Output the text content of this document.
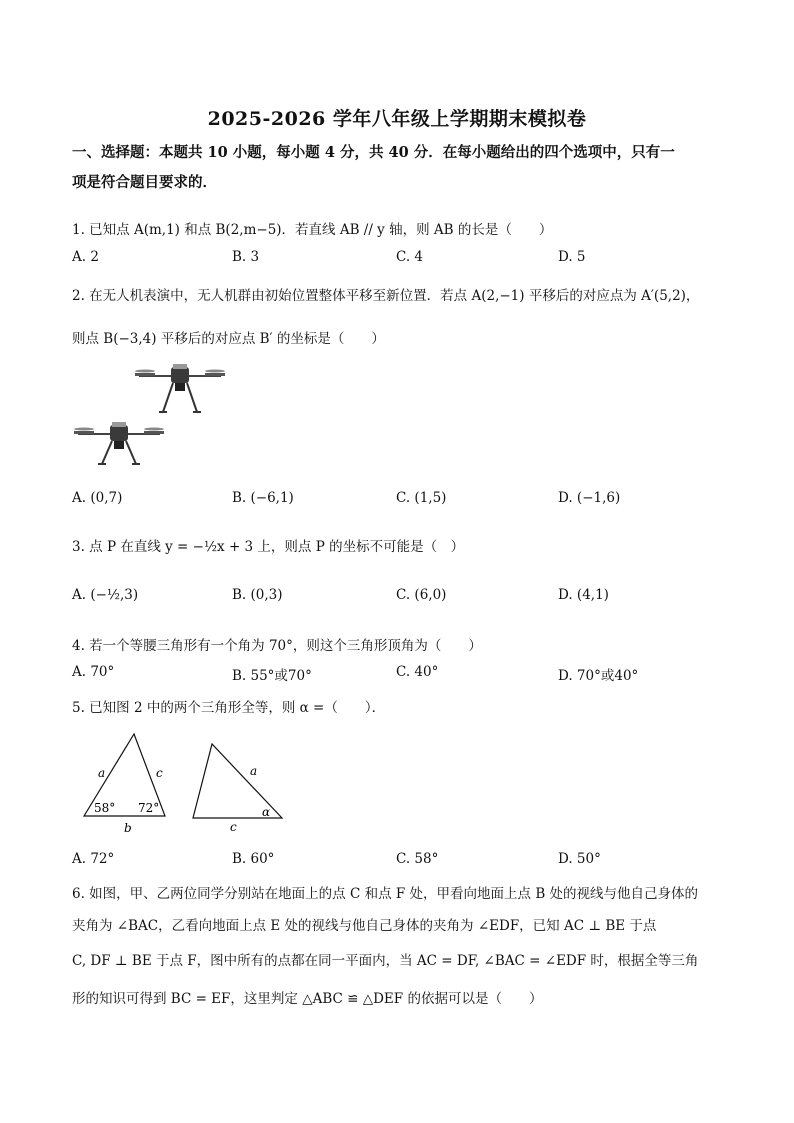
2025-2026 学年八年级上学期期末模拟卷
一、选择题：本题共 10 小题，每小题 4 分，共 40 分．在每小题给出的四个选项中，只有一
项是符合题目要求的．
1. 已知点 A(m,1) 和点 B(2,m−5)．若直线 AB // y 轴，则 AB 的长是（　　）
A. 2	B. 3	C. 4	D. 5
2. 在无人机表演中，无人机群由初始位置整体平移至新位置．若点 A(2,−1) 平移后的对应点为 A′(5,2)，
则点 B(−3,4) 平移后的对应点 B′ 的坐标是（　　）
A. (0,7)	B. (−6,1)	C. (1,5)	D. (−1,6)
3. 点 P 在直线 y = −½x + 3 上，则点 P 的坐标不可能是（　）
A. (−½,3)	B. (0,3)	C. (6,0)	D. (4,1)
4. 若一个等腰三角形有一个角为 70°，则这个三角形顶角为（　　）
A. 70°	B. 55°或70°	C. 40°	D. 70°或40°
5. 已知图 2 中的两个三角形全等，则 α =（　　）．
a	c
58° 72°
b
a
α
c
A. 72°	B. 60°	C. 58°	D. 50°
6. 如图，甲、乙两位同学分别站在地面上的点 C 和点 F 处，甲看向地面上点 B 处的视线与他自己身体的
夹角为 ∠BAC，乙看向地面上点 E 处的视线与他自己身体的夹角为 ∠EDF，已知 AC ⊥ BE 于点
C, DF ⊥ BE 于点 F，图中所有的点都在同一平面内，当 AC = DF, ∠BAC = ∠EDF 时，根据全等三角
形的知识可得到 BC = EF，这里判定 △ABC ≌ △DEF 的依据可以是（　　）
